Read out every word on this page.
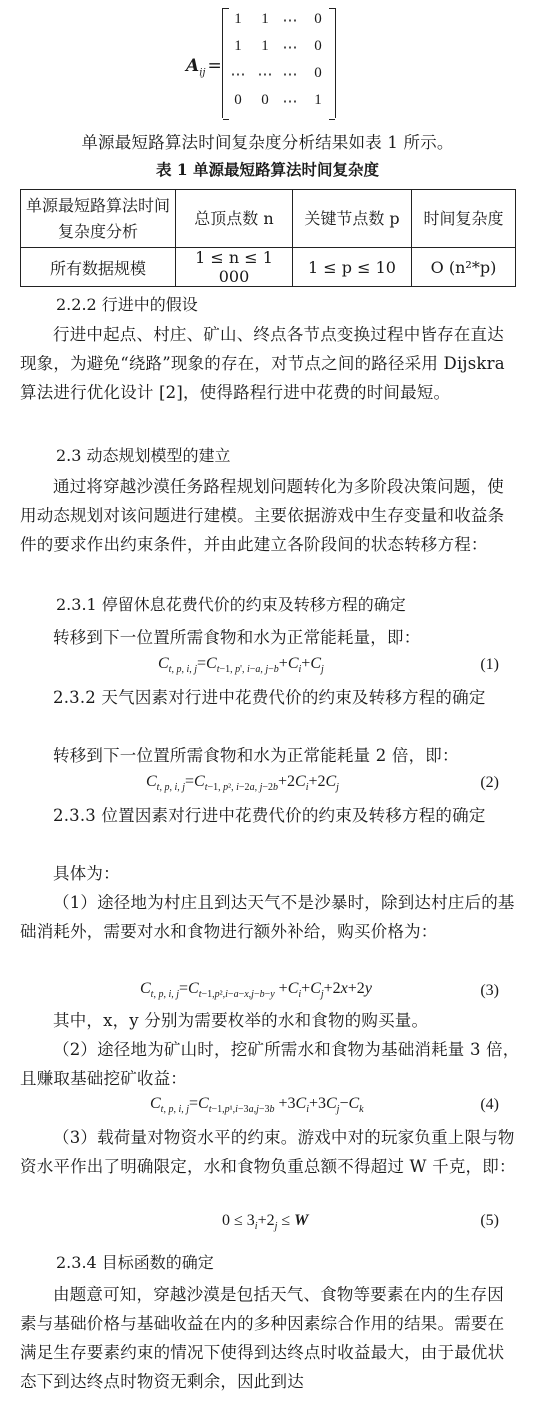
$A_{ij}$ =
1	1 ⋯	0
1	1 ⋯	0
⋯ ⋯ ⋯	0
0	0 ⋯	1
单源最短路算法时间复杂度分析结果如表 1 所示。
表 1 单源最短路算法时间复杂度
单源最短路算法时间复杂度分析	总顶点数 n	关键节点数 p	时间复杂度
所有数据规模	1 ≤ n ≤ 1 000	1 ≤ p ≤ 10	O (n²*p)
2.2.2 行进中的假设
行进中起点、村庄、矿山、终点各节点变换过程中皆存在直达现象，为避免“绕路”现象的存在，对节点之间的路径采用 Dijskra 算法进行优化设计 [2]，使得路程行进中花费的时间最短。
2.3 动态规划模型的建立
通过将穿越沙漠任务路程规划问题转化为多阶段决策问题，使用动态规划对该问题进行建模。主要依据游戏中生存变量和收益条件的要求作出约束条件，并由此建立各阶段间的状态转移方程：
2.3.1 停留休息花费代价的约束及转移方程的确定
转移到下一位置所需食物和水为正常能耗量，即：
$C_{t, p, i, j}=C_{t-1, p', i-a, j-b}+C_i+C_j$	(1)
2.3.2 天气因素对行进中花费代价的约束及转移方程的确定
转移到下一位置所需食物和水为正常能耗量 2 倍，即：
$C_{t, p, i, j}=C_{t-1, p^2, i-2a, j-2b}+2C_i+2C_j$	(2)
2.3.3 位置因素对行进中花费代价的约束及转移方程的确定
具体为：
（1）途径地为村庄且到达天气不是沙暴时，除到达村庄后的基础消耗外，需要对水和食物进行额外补给，购买价格为：
$C_{t, p, i, j}=C_{t-1,p^2,i-a-x,j-b-y} +C_i+C_j+2x+2y$	(3)
其中，x，y 分别为需要枚举的水和食物的购买量。
（2）途径地为矿山时，挖矿所需水和食物为基础消耗量 3 倍，且赚取基础挖矿收益：
$C_{t, p, i, j}=C_{t-1,p^1,i-3a,j-3b} +3C_i+3C_j-C_k$	(4)
（3）载荷量对物资水平的约束。游戏中对的玩家负重上限与物资水平作出了明确限定，水和食物负重总额不得超过 W 千克，即：
$0 \le 3_i+2_j \le W$	(5)
2.3.4 目标函数的确定
由题意可知，穿越沙漠是包括天气、食物等要素在内的生存因素与基础价格与基础收益在内的多种因素综合作用的结果。需要在满足生存要素约束的情况下使得到达终点时收益最大，由于最优状态下到达终点时物资无剩余，因此到达
